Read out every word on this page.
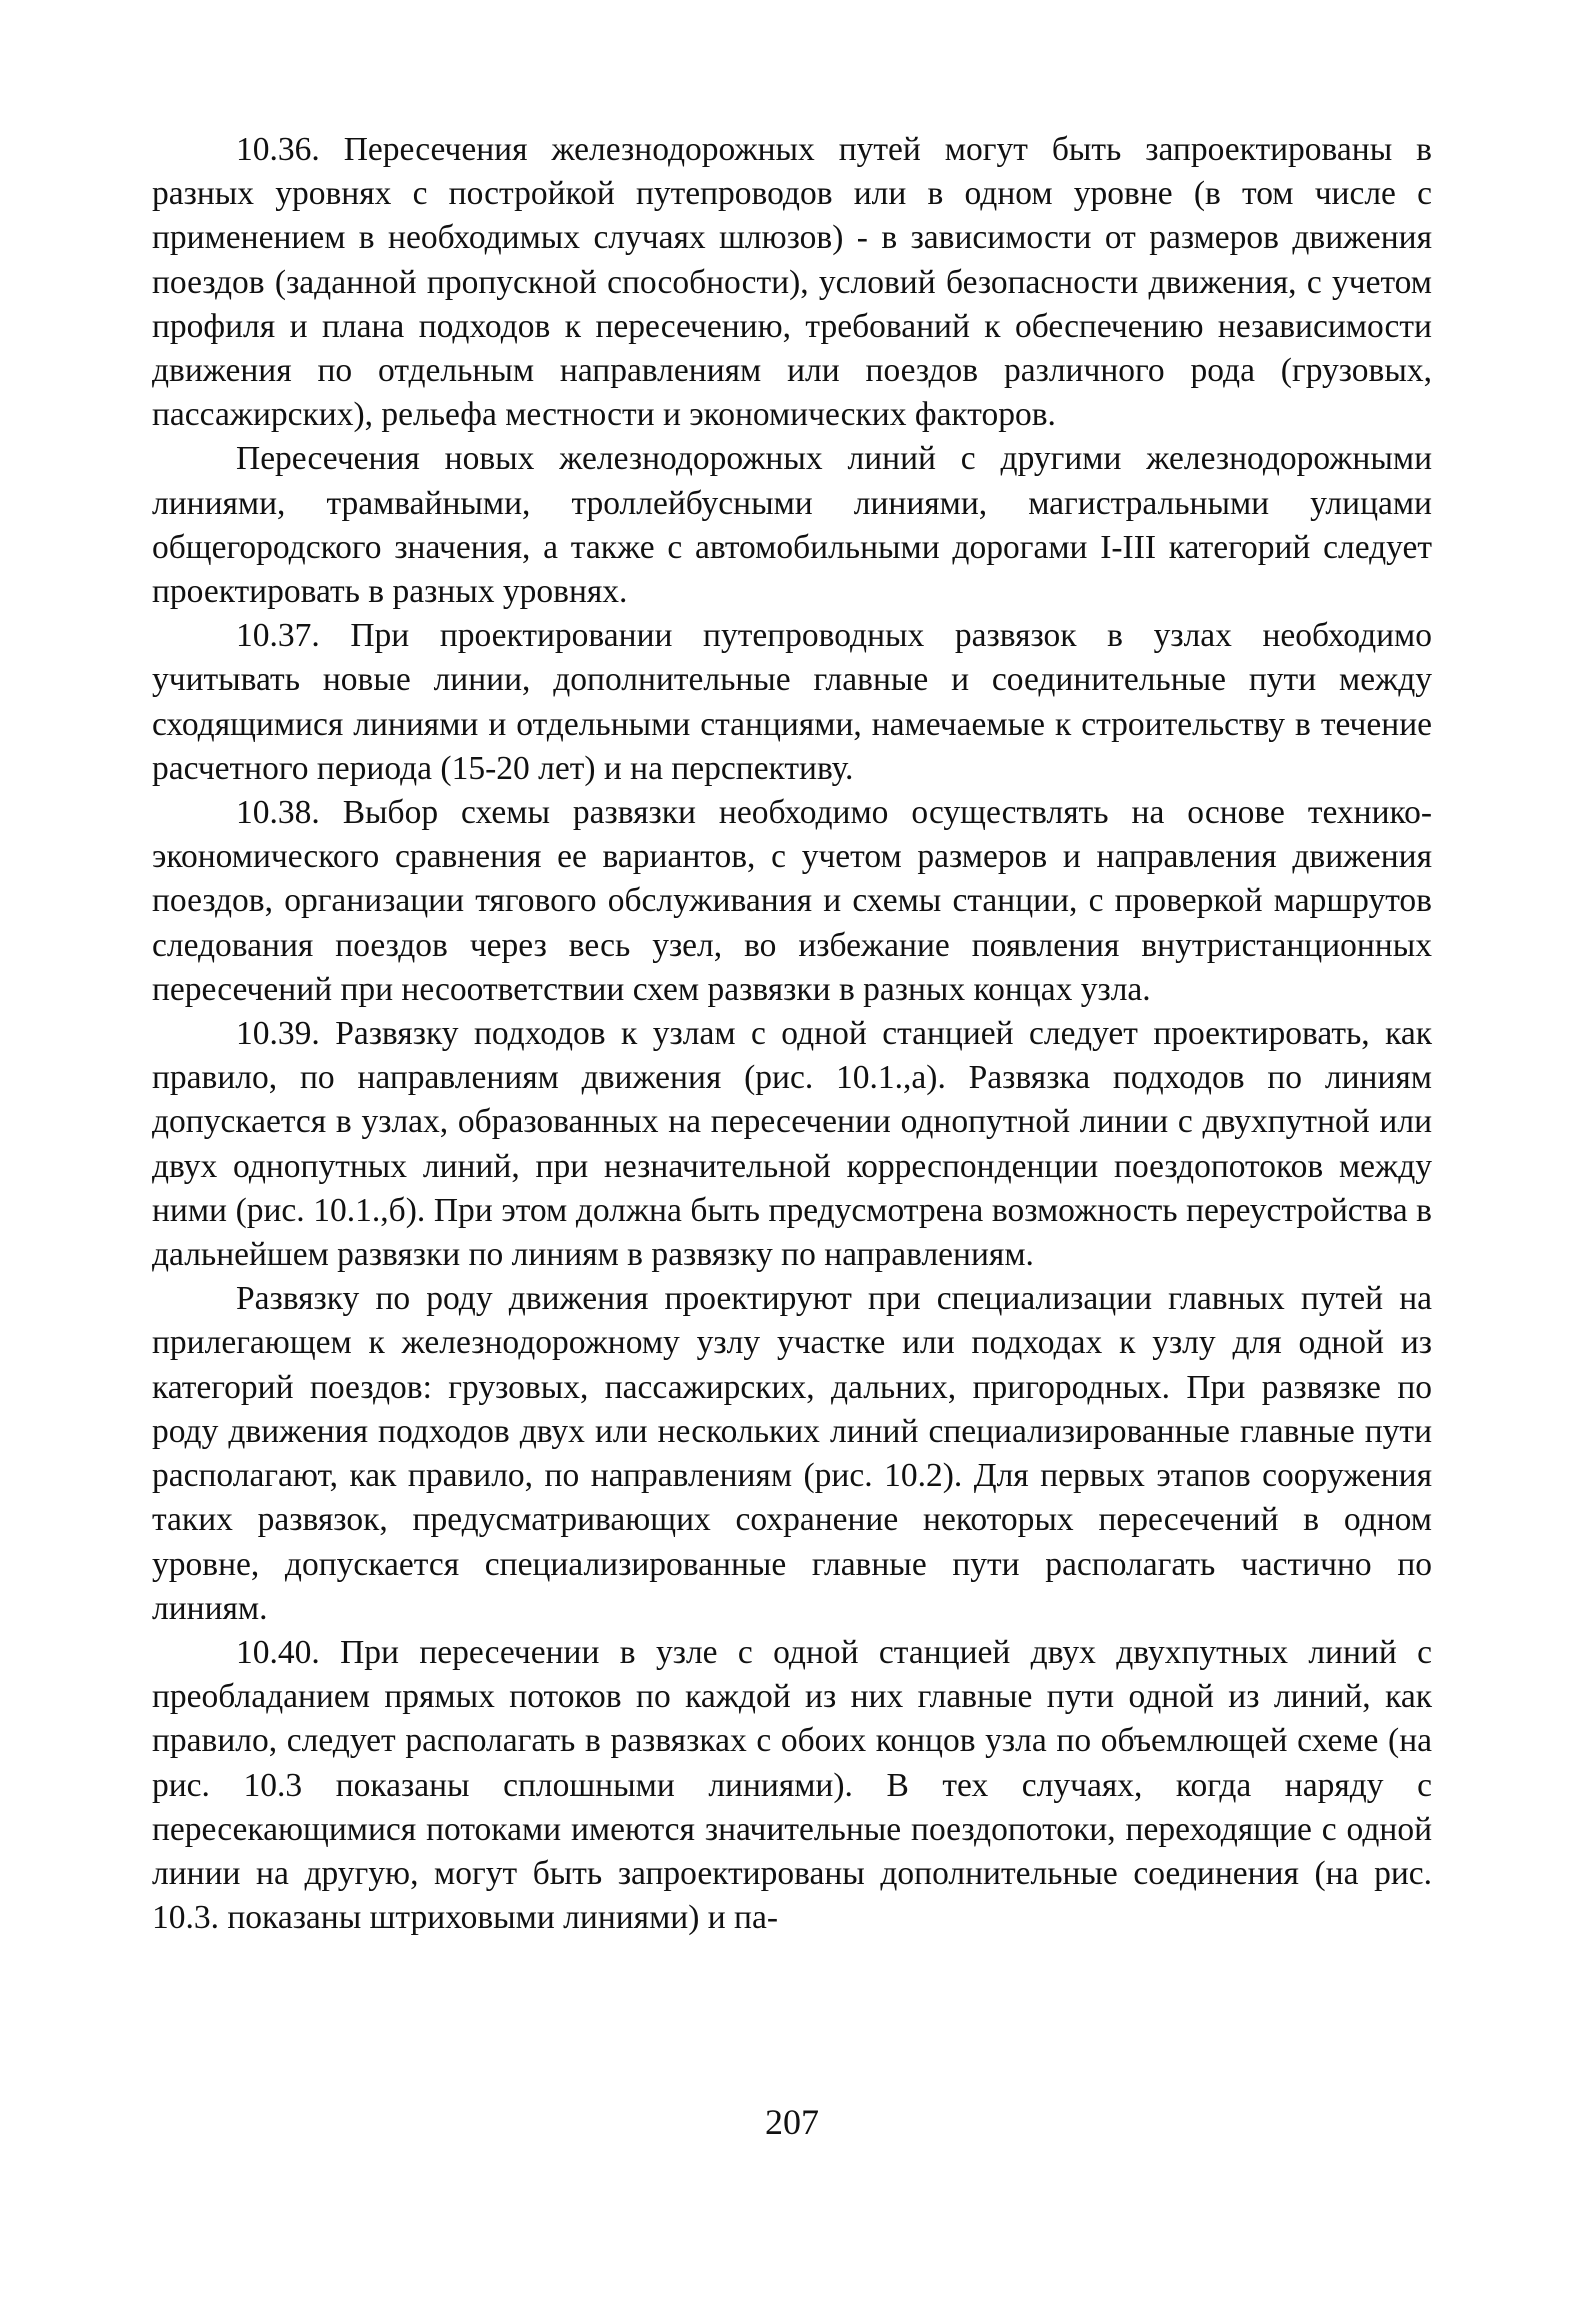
10.36. Пересечения железнодорожных путей могут быть запроектированы в разных уровнях с постройкой путепроводов или в одном уровне (в том числе с применением в необходимых случаях шлюзов) - в зависимости от размеров движения поездов (заданной пропускной способности), условий безопасности движения, с учетом профиля и плана подходов к пересечению, требований к обеспечению независимости движения по отдельным направлениям или поездов различного рода (грузовых, пассажирских), рельефа местности и экономических факторов.

Пересечения новых железнодорожных линий с другими железнодорожными линиями, трамвайными, троллейбусными линиями, магистральными улицами общегородского значения, а также с автомобильными дорогами I-III категорий следует проектировать в разных уровнях.

10.37. При проектировании путепроводных развязок в узлах необходимо учитывать новые линии, дополнительные главные и соединительные пути между сходящимися линиями и отдельными станциями, намечаемые к строительству в течение расчетного периода (15-20 лет) и на перспективу.

10.38. Выбор схемы развязки необходимо осуществлять на основе технико-экономического сравнения ее вариантов, с учетом размеров и направления движения поездов, организации тягового обслуживания и схемы станции, с проверкой маршрутов следования поездов через весь узел, во избежание появления внутристанционных пересечений при несоответствии схем развязки в разных концах узла.

10.39. Развязку подходов к узлам с одной станцией следует проектировать, как правило, по направлениям движения (рис. 10.1.,а). Развязка подходов по линиям допускается в узлах, образованных на пересечении однопутной линии с двухпутной или двух однопутных линий, при незначительной корреспонденции поездопотоков между ними (рис. 10.1.,б). При этом должна быть предусмотрена возможность переустройства в дальнейшем развязки по линиям в развязку по направлениям.

Развязку по роду движения проектируют при специализации главных путей на прилегающем к железнодорожному узлу участке или подходах к узлу для одной из категорий поездов: грузовых, пассажирских, дальних, пригородных. При развязке по роду движения подходов двух или нескольких линий специализированные главные пути располагают, как правило, по направлениям (рис. 10.2). Для первых этапов сооружения таких развязок, предусматривающих сохранение некоторых пересечений в одном уровне, допускается специализированные главные пути располагать частично по линиям.

10.40. При пересечении в узле с одной станцией двух двухпутных линий с преобладанием прямых потоков по каждой из них главные пути одной из линий, как правило, следует располагать в развязках с обоих концов узла по объемлющей схеме (на рис. 10.3 показаны сплошными линиями). В тех случаях, когда наряду с пересекающимися потоками имеются значительные поездопотоки, переходящие с одной линии на другую, могут быть запроектированы дополнительные соединения (на рис. 10.3. показаны штриховыми линиями) и па-

207
